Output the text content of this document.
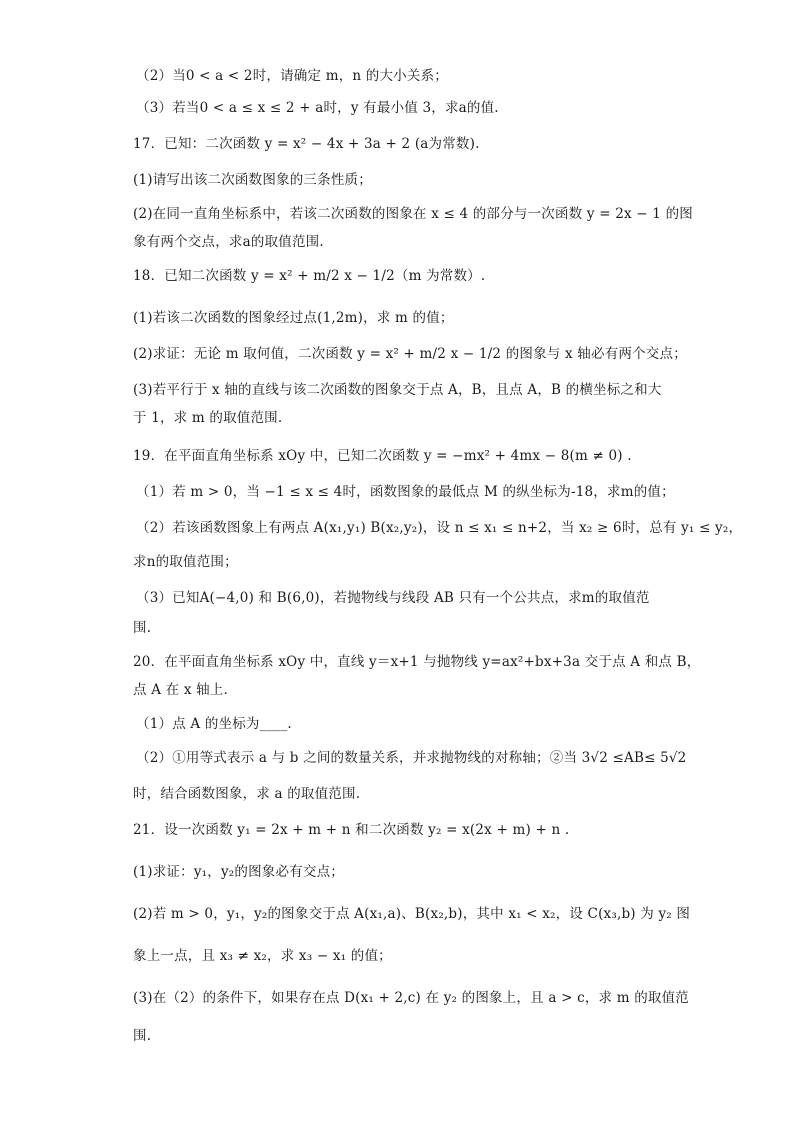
（2）当0 < a < 2时，请确定 m，n 的大小关系；
（3）若当0 < a ≤ x ≤ 2 + a时，y 有最小值 3，求a的值.
17．已知：二次函数 y = x² − 4x + 3a + 2 (a为常数).
(1)请写出该二次函数图象的三条性质；
(2)在同一直角坐标系中，若该二次函数的图象在 x ≤ 4 的部分与一次函数 y = 2x − 1 的图
象有两个交点，求a的取值范围.
18．已知二次函数 y = x² + m/2 x − 1/2（m 为常数）.
(1)若该二次函数的图象经过点(1,2m)，求 m 的值；
(2)求证：无论 m 取何值，二次函数 y = x² + m/2 x − 1/2 的图象与 x 轴必有两个交点；
(3)若平行于 x 轴的直线与该二次函数的图象交于点 A，B，且点 A，B 的横坐标之和大
于 1，求 m 的取值范围.
19．在平面直角坐标系 xOy 中，已知二次函数 y = −mx² + 4mx − 8(m ≠ 0) .
（1）若 m > 0，当 −1 ≤ x ≤ 4时，函数图象的最低点 M 的纵坐标为-18，求m的值；
（2）若该函数图象上有两点 A(x₁,y₁) B(x₂,y₂)，设 n ≤ x₁ ≤ n+2，当 x₂ ≥ 6时，总有 y₁ ≤ y₂，
求n的取值范围；
（3）已知A(−4,0) 和 B(6,0)，若抛物线与线段 AB 只有一个公共点，求m的取值范
围.
20．在平面直角坐标系 xOy 中，直线 y＝x+1 与抛物线 y=ax²+bx+3a 交于点 A 和点 B，
点 A 在 x 轴上.
（1）点 A 的坐标为____.
（2）①用等式表示 a 与 b 之间的数量关系，并求抛物线的对称轴；②当 3√2 ≤AB≤ 5√2
时，结合函数图象，求 a 的取值范围.
21．设一次函数 y₁ = 2x + m + n 和二次函数 y₂ = x(2x + m) + n .
(1)求证：y₁，y₂的图象必有交点；
(2)若 m > 0，y₁，y₂的图象交于点 A(x₁,a)、B(x₂,b)，其中 x₁ < x₂，设 C(x₃,b) 为 y₂ 图
象上一点，且 x₃ ≠ x₂，求 x₃ − x₁ 的值；
(3)在（2）的条件下，如果存在点 D(x₁ + 2,c) 在 y₂ 的图象上，且 a > c，求 m 的取值范
围.
